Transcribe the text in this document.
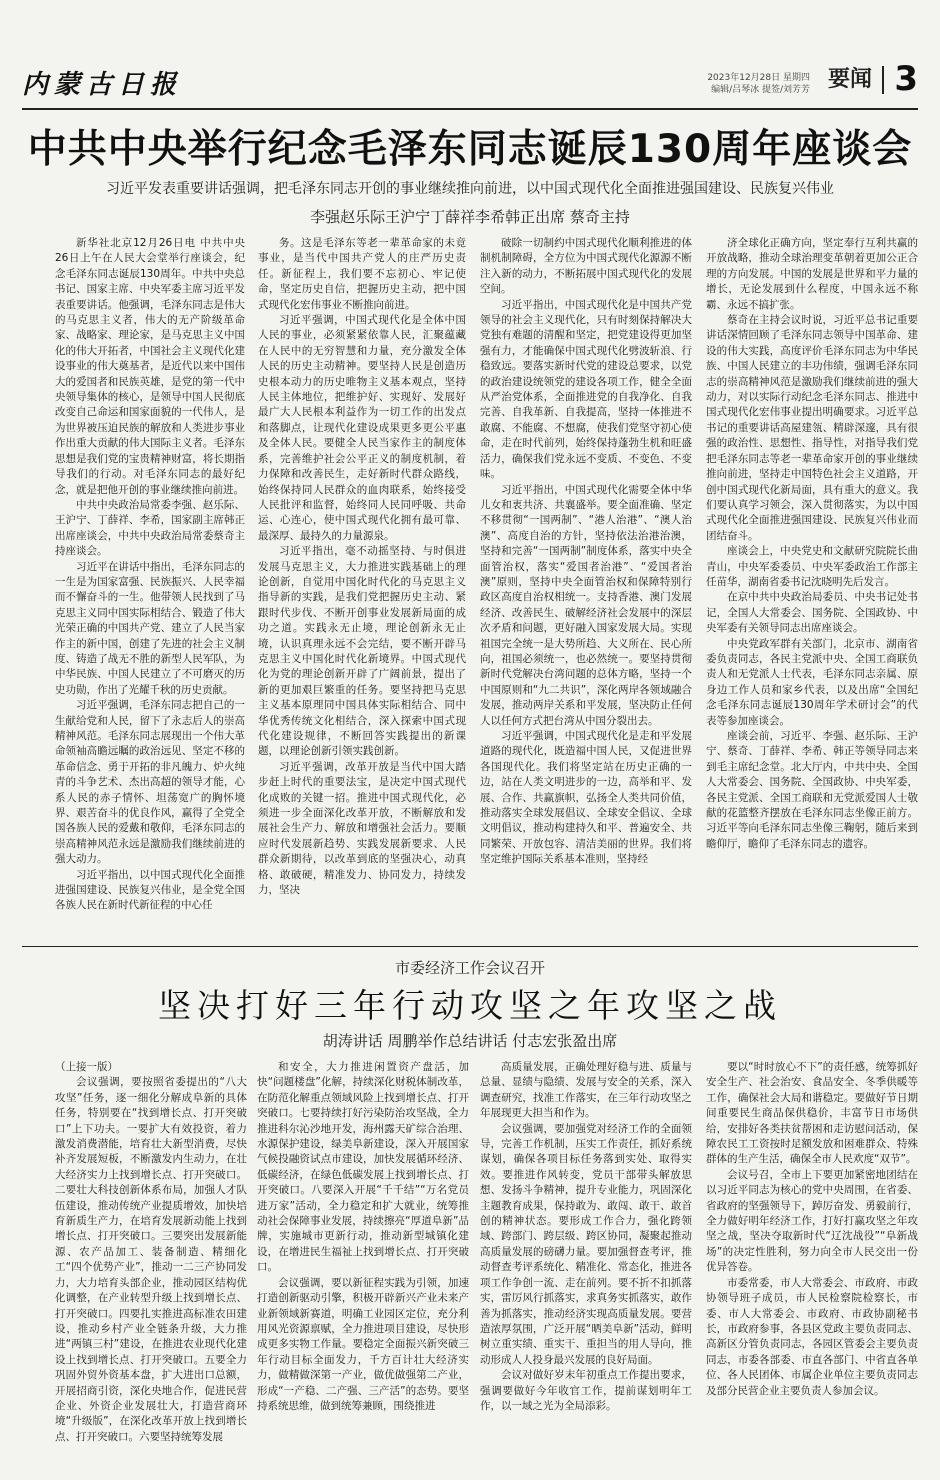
内蒙古日报	2023年12月28日 星期四
编辑/吕琴冰 提签/刘芳芳 要闻 3
中共中央举行纪念毛泽东同志诞辰130周年座谈会
习近平发表重要讲话强调，把毛泽东同志开创的事业继续推向前进，以中国式现代化全面推进强国建设、民族复兴伟业
李强赵乐际王沪宁丁薛祥李希韩正出席 蔡奇主持

新华社北京12月26日电 中共中央26日上午在人民大会堂举行座谈会，纪念毛泽东同志诞辰130周年。中共中央总书记、国家主席、中央军委主席习近平发表重要讲话。他强调，毛泽东同志是伟大的马克思主义者，伟大的无产阶级革命家、战略家、理论家，是马克思主义中国化的伟大开拓者，中国社会主义现代化建设事业的伟大奠基者，是近代以来中国伟大的爱国者和民族英雄，是党的第一代中央领导集体的核心，是领导中国人民彻底改变自己命运和国家面貌的一代伟人，是为世界被压迫民族的解放和人类进步事业作出重大贡献的伟大国际主义者。毛泽东思想是我们党的宝贵精神财富，将长期指导我们的行动。对毛泽东同志的最好纪念，就是把他开创的事业继续推向前进。

中共中央政治局常委李强、赵乐际、王沪宁、丁薛祥、李希，国家副主席韩正出席座谈会，中共中央政治局常委蔡奇主持座谈会。

习近平在讲话中指出，毛泽东同志的一生是为国家富强、民族振兴、人民幸福而不懈奋斗的一生。他带领人民找到了马克思主义同中国实际相结合、锻造了伟大光荣正确的中国共产党、建立了人民当家作主的新中国，创建了先进的社会主义制度、铸造了战无不胜的新型人民军队，为中华民族、中国人民建立了不可磨灭的历史功勋，作出了光耀千秋的历史贡献。

习近平强调，毛泽东同志把自己的一生献给党和人民，留下了永志后人的崇高精神风范。毛泽东同志展现出一个伟大革命领袖高瞻远瞩的政治远见、坚定不移的革命信念、勇于开拓的非凡魄力、炉火纯青的斗争艺术、杰出高超的领导才能，心系人民的赤子情怀、坦荡宽广的胸怀境界、艰苦奋斗的优良作风，赢得了全党全国各族人民的爱戴和敬仰，毛泽东同志的崇高精神风范永远是激励我们继续前进的强大动力。

习近平指出，以中国式现代化全面推进强国建设、民族复兴伟业，是全党全国各族人民在新时代新征程的中心任

务。这是毛泽东等老一辈革命家的未竟事业，是当代中国共产党人的庄严历史责任。新征程上，我们要不忘初心、牢记使命，坚定历史自信，把握历史主动，把中国式现代化宏伟事业不断推向前进。

习近平强调，中国式现代化是全体中国人民的事业，必须紧紧依靠人民，汇聚蕴藏在人民中的无穷智慧和力量，充分激发全体人民的历史主动精神。要坚持人民是创造历史根本动力的历史唯物主义基本观点，坚持人民主体地位，把维护好、实现好、发展好最广大人民根本利益作为一切工作的出发点和落脚点，让现代化建设成果更多更公平惠及全体人民。要健全人民当家作主的制度体系，完善维护社会公平正义的制度机制，着力保障和改善民生，走好新时代群众路线，始终保持同人民群众的血肉联系，始终接受人民批评和监督，始终同人民同呼吸、共命运、心连心，使中国式现代化拥有最可靠、最深厚、最持久的力量源泉。

习近平指出，毫不动摇坚持、与时俱进发展马克思主义，大力推进实践基础上的理论创新，自觉用中国化时代化的马克思主义指导新的实践，是我们党把握历史主动、紧跟时代步伐、不断开创事业发展新局面的成功之道。实践永无止境，理论创新永无止境，认识真理永远不会完结，要不断开辟马克思主义中国化时代化新境界。中国式现代化为党的理论创新开辟了广阔前景，提出了新的更加艰巨繁重的任务。要坚持把马克思主义基本原理同中国具体实际相结合、同中华优秀传统文化相结合，深入探索中国式现代化建设规律，不断回答实践提出的新课题，以理论创新引领实践创新。

习近平强调，改革开放是当代中国大踏步赶上时代的重要法宝，是决定中国式现代化成败的关键一招。推进中国式现代化，必须进一步全面深化改革开放，不断解放和发展社会生产力、解放和增强社会活力。要顺应时代发展新趋势、实践发展新要求、人民群众新期待，以改革到底的坚强决心，动真格、敢破硬，精准发力、协同发力，持续发力，坚决

破除一切制约中国式现代化顺利推进的体制机制障碍，全方位为中国式现代化源源不断注入新的动力，不断拓展中国式现代化的发展空间。

习近平指出，中国式现代化是中国共产党领导的社会主义现代化，只有时刻保持解决大党独有难题的清醒和坚定，把党建设得更加坚强有力，才能确保中国式现代化劈波斩浪、行稳致远。要落实新时代党的建设总要求，以党的政治建设统领党的建设各项工作，健全全面从严治党体系，全面推进党的自我净化、自我完善、自我革新、自我提高，坚持一体推进不敢腐、不能腐、不想腐，使我们党坚守初心使命，走在时代前列，始终保持蓬勃生机和旺盛活力，确保我们党永远不变质、不变色、不变味。

习近平指出，中国式现代化需要全体中华儿女和衷共济、共襄盛举。要全面准确、坚定不移贯彻“一国两制”、“港人治港”、“澳人治澳”、高度自治的方针，坚持依法治港治澳，坚持和完善“一国两制”制度体系，落实中央全面管治权，落实“爱国者治港”、“爱国者治澳”原则，坚持中央全面管治权和保障特别行政区高度自治权相统一。支持香港、澳门发展经济、改善民生、破解经济社会发展中的深层次矛盾和问题，更好融入国家发展大局。实现祖国完全统一是大势所趋、大义所在、民心所向，祖国必须统一，也必然统一。要坚持贯彻新时代党解决台湾问题的总体方略，坚持一个中国原则和“九二共识”，深化两岸各领域融合发展，推动两岸关系和平发展，坚决防止任何人以任何方式把台湾从中国分裂出去。

习近平强调，中国式现代化是走和平发展道路的现代化，既造福中国人民，又促进世界各国现代化。我们将坚定站在历史正确的一边，站在人类文明进步的一边，高举和平、发展、合作、共赢旗帜，弘扬全人类共同价值，推动落实全球发展倡议、全球安全倡议、全球文明倡议，推动构建持久和平、普遍安全、共同繁荣、开放包容、清洁美丽的世界。我们将坚定维护国际关系基本准则，坚持经

济全球化正确方向，坚定奉行互利共赢的开放战略，推动全球治理变革朝着更加公正合理的方向发展。中国的发展是世界和平力量的增长，无论发展到什么程度，中国永远不称霸、永远不搞扩张。

蔡奇在主持会议时说，习近平总书记重要讲话深情回顾了毛泽东同志领导中国革命、建设的伟大实践，高度评价毛泽东同志为中华民族、中国人民建立的丰功伟绩，强调毛泽东同志的崇高精神风范是激励我们继续前进的强大动力，对以实际行动纪念毛泽东同志、推进中国式现代化宏伟事业提出明确要求。习近平总书记的重要讲话高屋建瓴、精辟深邃，具有很强的政治性、思想性、指导性，对指导我们党把毛泽东同志等老一辈革命家开创的事业继续推向前进，坚持走中国特色社会主义道路，开创中国式现代化新局面，具有重大的意义。我们要认真学习领会，深入贯彻落实，为以中国式现代化全面推进强国建设、民族复兴伟业而团结奋斗。

座谈会上，中央党史和文献研究院院长曲青山，中央军委委员、中央军委政治工作部主任苗华，湖南省委书记沈晓明先后发言。

在京中共中央政治局委员、中央书记处书记，全国人大常委会、国务院、全国政协、中央军委有关领导同志出席座谈会。

中央党政军群有关部门，北京市、湖南省委负责同志，各民主党派中央、全国工商联负责人和无党派人士代表，毛泽东同志亲属、原身边工作人员和家乡代表，以及出席“全国纪念毛泽东同志诞辰130周年学术研讨会”的代表等参加座谈会。

座谈会前，习近平、李强、赵乐际、王沪宁、蔡奇、丁薛祥、李希、韩正等领导同志来到毛主席纪念堂。北大厅内，中共中央、全国人大常委会、国务院、全国政协、中央军委，各民主党派、全国工商联和无党派爱国人士敬献的花篮整齐摆放在毛泽东同志坐像正前方。习近平等向毛泽东同志坐像三鞠躬，随后来到瞻仰厅，瞻仰了毛泽东同志的遗容。

市委经济工作会议召开
坚决打好三年行动攻坚之年攻坚之战
胡涛讲话 周鹏举作总结讲话 付志宏张盈出席

（上接一版）

会议强调，要按照省委提出的“八大攻坚”任务，逐一细化分解成阜新的具体任务，特别要在“找到增长点、打开突破口”上下功夫。一要扩大有效投资，着力激发消费潜能，培育壮大新型消费，尽快补齐发展短板，不断激发内生动力，在壮大经济实力上找到增长点、打开突破口。二要壮大科技创新体系布局，加强人才队伍建设，推动传统产业提质增效，加快培育新质生产力，在培育发展新动能上找到增长点、打开突破口。三要突出发展新能源、农产品加工、装备制造、精细化工“四个优势产业”，推动一二三产协同发力，大力培育头部企业，推动园区结构优化调整，在产业转型升级上找到增长点、打开突破口。四要扎实推进高标准农田建设，推动乡村产业全链条升级，大力推进“两镇三村”建设，在推进农业现代化建设上找到增长点、打开突破口。五要全力巩固外贸外资基本盘，扩大进出口总额，开展招商引资，深化央地合作，促进民营企业、外资企业发展壮大，打造营商环境“升级版”，在深化改革开放上找到增长点、打开突破口。六要坚持统筹发展

和安全，大力推进闲置资产盘活，加快“问题楼盘”化解，持续深化财税体制改革，在防范化解重点领域风险上找到增长点、打开突破口。七要持续打好污染防治攻坚战，全力推进科尔沁沙地开发，海州露天矿综合治理、水源保护建设，绿美阜新建设，深入开展国家气候投融资试点市建设，加快发展循环经济、低碳经济，在绿色低碳发展上找到增长点、打开突破口。八要深入开展“千千结”“万名党员进万家”活动，全力稳定和扩大就业，统筹推动社会保障事业发展，持续擦亮“厚道阜新”品牌，实施城市更新行动，推动新型城镇化建设，在增进民生福祉上找到增长点、打开突破口。

会议强调，要以新征程实践为引领，加速打造创新驱动引擎，积极开辟新兴产业未来产业新领域新赛道，明确工业园区定位，充分利用风光资源禀赋，全力推进项目建设，尽快形成更多实物工作量。要稳定全面振兴新突破三年行动目标全面发力，千方百计壮大经济实力，做精做深第一产业，做优做强第二产业，形成“一产稳、二产强、三产活”的态势。要坚持系统思维，做到统筹兼顾，围绕推进

高质量发展，正确处理好稳与进、质量与总量、显绩与隐绩、发展与安全的关系，深入调查研究，找准工作落实，在三年行动攻坚之年展现更大担当和作为。

会议强调，要加强党对经济工作的全面领导，完善工作机制，压实工作责任，抓好系统谋划，确保各项目标任务落到实处、取得实效。要推进作风转变，党员干部带头解放思想、发扬斗争精神，提升专业能力，巩固深化主题教育成果，保持敢为、敢闯、敢干、敢首创的精神状态。要形成工作合力，强化跨领域、跨部门、跨层级、跨区协同，凝聚起推动高质量发展的磅礴力量。要加强督查考评，推动督查考评系统化、精准化、常态化，推进各项工作争创一流、走在前列。要不折不扣抓落实，雷厉风行抓落实，求真务实抓落实，敢作善为抓落实，推动经济实现高质量发展。要营造浓厚氛围，广泛开展“晒美阜新”活动，鲜明树立重实绩、重实干、重担当的用人导向，推动形成人人投身最兴发展的良好局面。

会议对做好岁末年初重点工作提出要求，强调要做好今年收官工作，提前谋划明年工作，以一域之光为全局添彩。

要以“时时放心不下”的责任感，统筹抓好安全生产、社会治安、食品安全、冬季供暖等工作，确保社会大局和谐稳定。要做好节日期间重要民生商品保供稳价，丰富节日市场供给，安排好各类扶贫帮困和走访慰问活动，保障农民工工资按时足额发放和困难群众、特殊群体的生产生活，确保全市人民欢度“双节”。

会议号召，全市上下要更加紧密地团结在以习近平同志为核心的党中央周围，在省委、省政府的坚强领导下，踔厉奋发、勇毅前行，全力做好明年经济工作，打好打赢攻坚之年攻坚之战，坚决夺取新时代“辽沈战役”“阜新战场”的决定性胜利，努力向全市人民交出一份优异答卷。

市委常委，市人大常委会、市政府、市政协领导班子成员，市人民检察院检察长，市委、市人大常委会、市政府、市政协副秘书长，市政府参事，各县区党政主要负责同志、高新区分管负责同志，各园区管委会主要负责同志，市委各部委、市直各部门、中省直各单位、各人民团体、市属企业单位主要负责同志及部分民营企业主要负责人参加会议。
